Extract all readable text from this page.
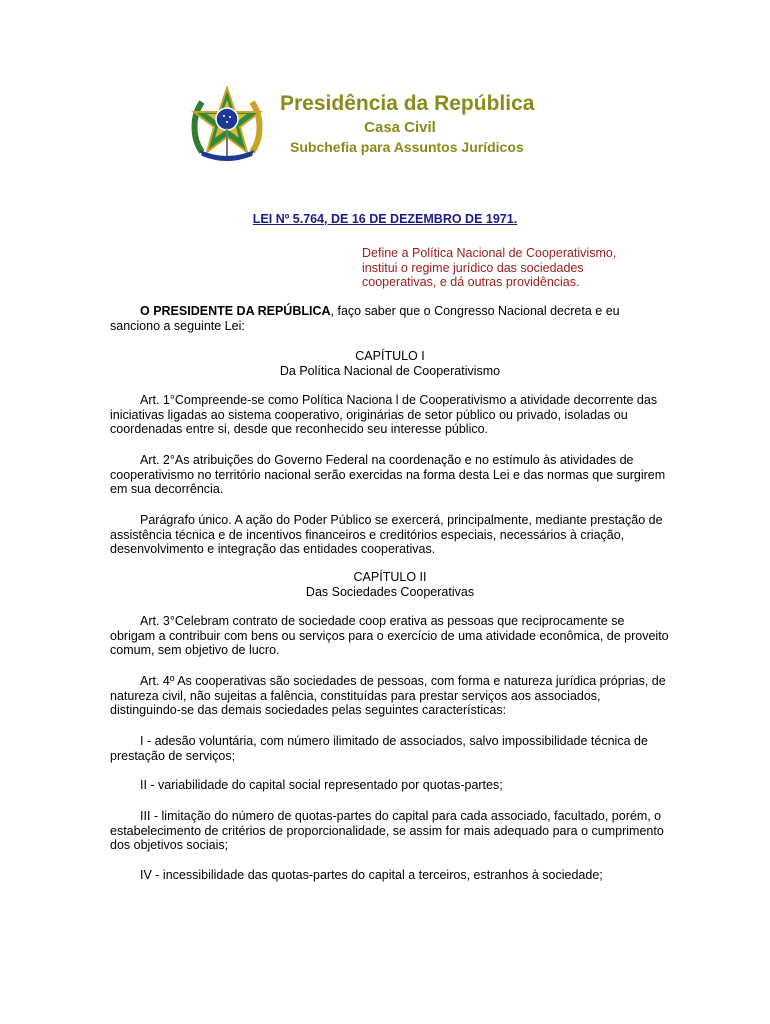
Presidência da República
Casa Civil
Subchefia para Assuntos Jurídicos
LEI Nº 5.764, DE 16 DE DEZEMBRO DE 1971.
Define a Política Nacional de Cooperativismo,
institui o regime jurídico das sociedades
cooperativas, e dá outras providências.

O PRESIDENTE DA REPÚBLICA, faço saber que o Congresso Nacional decreta e eu sanciono a seguinte Lei:

CAPÍTULO I

Da Política Nacional de Cooperativismo

Art. 1°Compreende-se como Política Naciona l de Cooperativismo a atividade decorrente das iniciativas ligadas ao sistema cooperativo, originárias de setor público ou privado, isoladas ou coordenadas entre si, desde que reconhecido seu interesse público.

Art. 2°As atribuições do Governo Federal na coordenação e no estímulo às atividades de cooperativismo no território nacional serão exercidas na forma desta Lei e das normas que surgirem em sua decorrência.

Parágrafo único. A ação do Poder Público se exercerá, principalmente, mediante prestação de assistência técnica e de incentivos financeiros e creditórios especiais, necessários à criação, desenvolvimento e integração das entidades cooperativas.

CAPÍTULO II

Das Sociedades Cooperativas

Art. 3°Celebram contrato de sociedade coop erativa as pessoas que reciprocamente se obrigam a contribuir com bens ou serviços para o exercício de uma atividade econômica, de proveito comum, sem objetivo de lucro.

Art. 4º As cooperativas são sociedades de pessoas, com forma e natureza jurídica próprias, de natureza civil, não sujeitas a falência, constituídas para prestar serviços aos associados, distinguindo-se das demais sociedades pelas seguintes características:

I - adesão voluntária, com número ilimitado de associados, salvo impossibilidade técnica de prestação de serviços;

II - variabilidade do capital social representado por quotas-partes;

III - limitação do número de quotas-partes do capital para cada associado, facultado, porém, o estabelecimento de critérios de proporcionalidade, se assim for mais adequado para o cumprimento dos objetivos sociais;

IV - incessibilidade das quotas-partes do capital a terceiros, estranhos à sociedade;
